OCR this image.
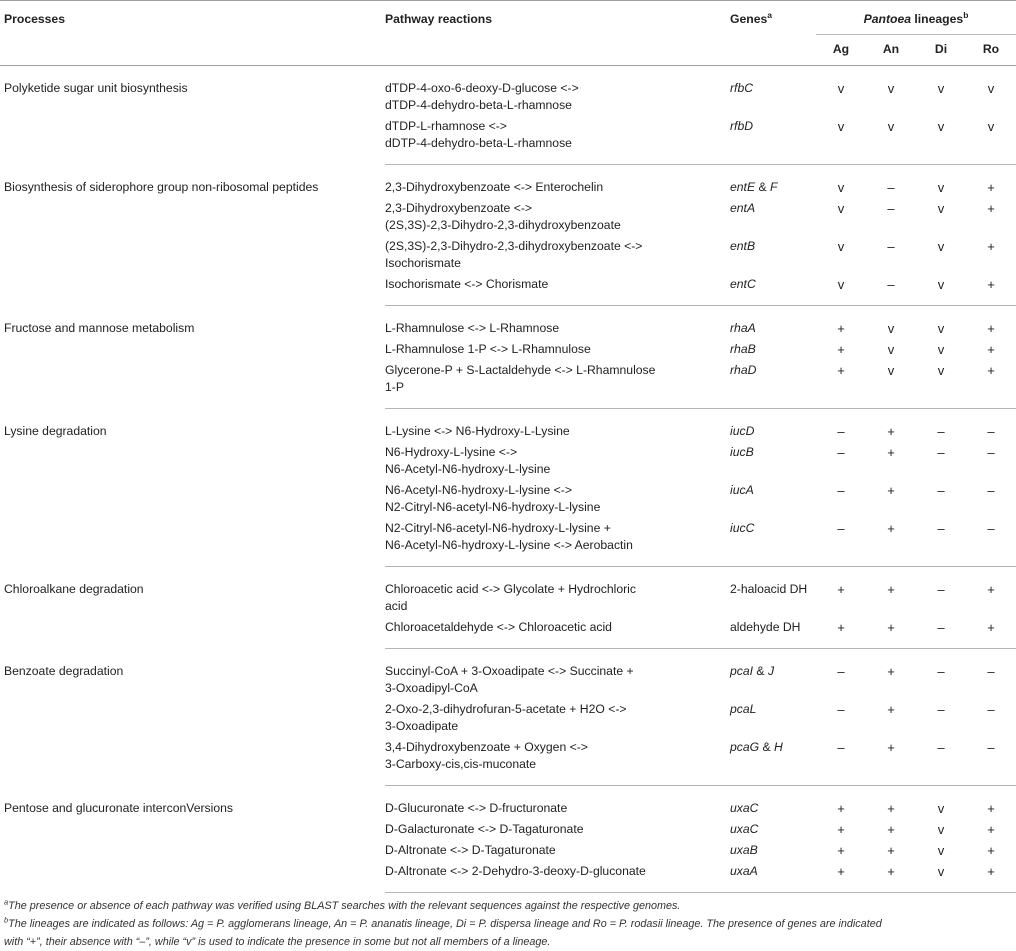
Processes	Pathway reactions	Genes$^a$	Pantoea lineages$^b$
			Ag	An	Di	Ro

Polyketide sugar unit biosynthesis	dTDP-4-oxo-6-deoxy-D-glucose <->
dTDP-4-dehydro-beta-L-rhamnose	rfbC	v	v	v	v

	dTDP-L-rhamnose <->
dDTP-4-dehydro-beta-L-rhamnose	rfbD	v	v	v	v
Biosynthesis of siderophore group non-ribosomal peptides	2,3-Dihydroxybenzoate <-> Enterochelin	entE & F	v	–	v	+

	2,3-Dihydroxybenzoate <->
(2S,3S)-2,3-Dihydro-2,3-dihydroxybenzoate	entA	v	–	v	+

	(2S,3S)-2,3-Dihydro-2,3-dihydroxybenzoate <->
Isochorismate	entB	v	–	v	+

	Isochorismate <-> Chorismate	entC	v	–	v	+
Fructose and mannose metabolism	L-Rhamnulose <-> L-Rhamnose	rhaA	+	v	v	+

	L-Rhamnulose 1-P <-> L-Rhamnulose	rhaB	+	v	v	+

	Glycerone-P + S-Lactaldehyde <-> L-Rhamnulose
1-P	rhaD	+	v	v	+
Lysine degradation	L-Lysine <-> N6-Hydroxy-L-Lysine	iucD	–	+	–	–

	N6-Hydroxy-L-lysine <->
N6-Acetyl-N6-hydroxy-L-lysine	iucB	–	+	–	–

	N6-Acetyl-N6-hydroxy-L-lysine <->
N2-Citryl-N6-acetyl-N6-hydroxy-L-lysine	iucA	–	+	–	–

	N2-Citryl-N6-acetyl-N6-hydroxy-L-lysine +
N6-Acetyl-N6-hydroxy-L-lysine <-> Aerobactin	iucC	–	+	–	–
Chloroalkane degradation	Chloroacetic acid <-> Glycolate + Hydrochloric
acid	2-haloacid DH	+	+	–	+

	Chloroacetaldehyde <-> Chloroacetic acid	aldehyde DH	+	+	–	+
Benzoate degradation	Succinyl-CoA + 3-Oxoadipate <-> Succinate +
3-Oxoadipyl-CoA	pcaI & J	–	+	–	–

	2-Oxo-2,3-dihydrofuran-5-acetate + H2O <->
3-Oxoadipate	pcaL	–	+	–	–

	3,4-Dihydroxybenzoate + Oxygen <->
3-Carboxy-cis,cis-muconate	pcaG & H	–	+	–	–
Pentose and glucuronate interconVersions	D-Glucuronate <-> D-fructuronate	uxaC	+	+	v	+

	D-Galacturonate <-> D-Tagaturonate	uxaC	+	+	v	+

	D-Altronate <-> D-Tagaturonate	uxaB	+	+	v	+

	D-Altronate <-> 2-Dehydro-3-deoxy-D-gluconate	uxaA	+	+	v	+
$^a$The presence or absence of each pathway was verified using BLAST searches with the relevant sequences against the respective genomes.
$^b$The lineages are indicated as follows: Ag = P. agglomerans lineage, An = P. ananatis lineage, Di = P. dispersa lineage and Ro = P. rodasii lineage. The presence of genes are indicated
with “+”, their absence with “–”, while “v” is used to indicate the presence in some but not all members of a lineage.
